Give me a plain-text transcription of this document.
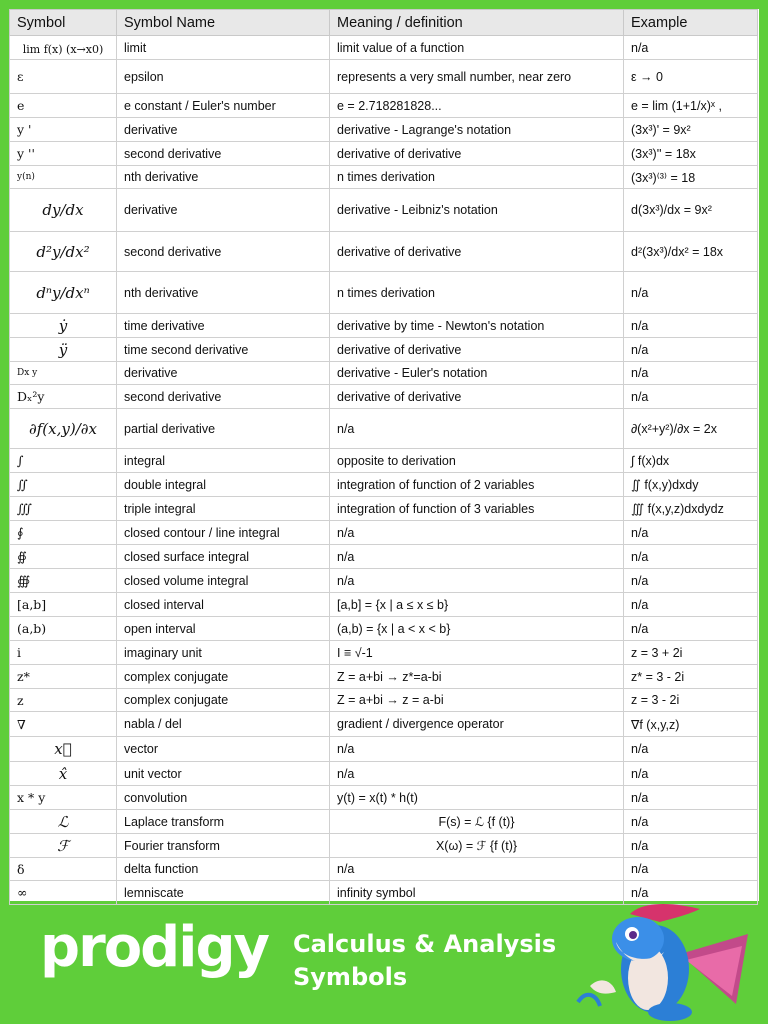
Symbol	Symbol Name	Meaning / definition	Example
lim f(x) (x→x0)	limit	limit value of a function	n/a
ε	epsilon	represents a very small number, near zero	ε → 0
e	e constant / Euler's number	e = 2.718281828...	e = lim (1+1/x)ˣ ,
y '	derivative	derivative - Lagrange's notation	(3x³)' = 9x²
y ''	second derivative	derivative of derivative	(3x³)'' = 18x
y(n)	nth derivative	n times derivation	(3x³)⁽³⁾ = 18
dy/dx	derivative	derivative - Leibniz's notation	d(3x³)/dx = 9x²
d²y/dx²	second derivative	derivative of derivative	d²(3x³)/dx² = 18x
dⁿy/dxⁿ	nth derivative	n times derivation	n/a
ẏ	time derivative	derivative by time - Newton's notation	n/a
ÿ	time second derivative	derivative of derivative	n/a
Dx y	derivative	derivative - Euler's notation	n/a
Dₓ²y	second derivative	derivative of derivative	n/a
∂f(x,y)/∂x	partial derivative	n/a	∂(x²+y²)/∂x = 2x
∫	integral	opposite to derivation	∫ f(x)dx
∬	double integral	integration of function of 2 variables	∬ f(x,y)dxdy
∭	triple integral	integration of function of 3 variables	∭ f(x,y,z)dxdydz
∮	closed contour / line integral	n/a	n/a
∯	closed surface integral	n/a	n/a
∰	closed volume integral	n/a	n/a
[a,b]	closed interval	[a,b] = {x | a ≤ x ≤ b}	n/a
(a,b)	open interval	(a,b) = {x | a < x < b}	n/a
i	imaginary unit	I ≡ √-1	z = 3 + 2i
z*	complex conjugate	Z = a+bi → z*=a-bi	z* = 3 - 2i
z	complex conjugate	Z = a+bi → z = a-bi	z = 3 - 2i
∇	nabla / del	gradient / divergence operator	∇f (x,y,z)
x⃗	vector	n/a	n/a
x̂	unit vector	n/a	n/a
x * y	convolution	y(t) = x(t) * h(t)	n/a
ℒ	Laplace transform	F(s) = ℒ {f (t)}	n/a
ℱ	Fourier transform	X(ω) = ℱ {f (t)}	n/a
δ	delta function	n/a	n/a
∞	lemniscate	infinity symbol	n/a
prodigy Calculus & Analysis
Symbols
